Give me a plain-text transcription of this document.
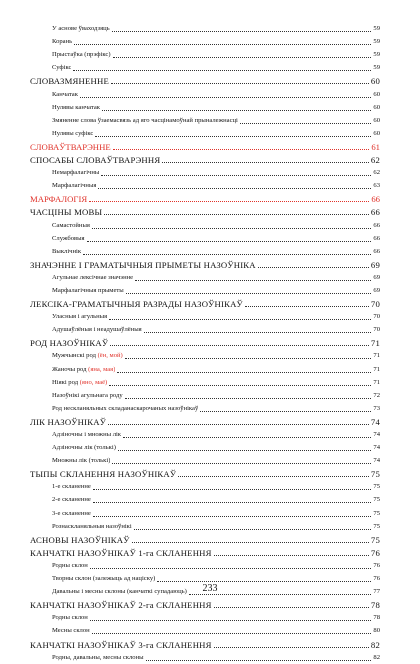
У аснове ўваходзяць	59
Корань	59
Прыстаўка (прэфікс)	59
Суфікс	59
СЛОВАЗМЯНЕННЕ	60
Канчатак	60
Нулявы канчатак	60
Змяненне слова ўзаемасвязь ад яго часцінамоўнай прыналежнасці	60
Нулявы суфікс	60
СЛОВАЎТВАРЭННЕ	61
СПОСАБЫ СЛОВАЎТВАРЭННЯ	62
Немарфалагічны	62
Марфалагічныя	63
МАРФАЛОГІЯ	66
ЧАСЦІНЫ МОВЫ	66
Самастойныя	66
Службовыя	66
Выклічнік	66
ЗНАЧЭННЕ І ГРАМАТЫЧНЫЯ ПРЫМЕТЫ НАЗОЎНІКА	69
Агульнае лексічнае значэнне	69
Марфалагічныя прыметы	69
ЛЕКСІКА-ГРАМАТЫЧНЫЯ РАЗРАДЫ НАЗОЎНІКАЎ	70
Уласныя і агульныя	70
Адушаўлёныя і неадушаўлёныя	70
РОД НАЗОЎНІКАЎ	71
Мужчынскі род (ён, мой)	71
Жаночы род (яна, мая)	71
Ніякі род (яно, маё)	71
Назоўнікі агульнага роду	72
Род нескланяльных складанаскарочаных назоўнікаў	73
ЛІК НАЗОЎНІКАЎ	74
Адзіночны і множны лік	74
Адзіночны лік (толькі)	74
Множны лік (толькі)	74
ТЫПЫ СКЛАНЕННЯ НАЗОЎНІКАЎ	75
1-е скланенне	75
2-е скланенне	75
3-е скланенне	75
Рознаскланяльныя назоўнікі	75
АСНОВЫ НАЗОЎНІКАЎ	75
КАНЧАТКІ НАЗОЎНІКАЎ 1-га СКЛАНЕННЯ	76
Родны склон	76
Творны склон (залежыць ад націску)	76
Давальны і месны склоны (канчаткі супадаюць)	77
КАНЧАТКІ НАЗОЎНІКАЎ 2-га СКЛАНЕННЯ	78
Родны склон	78
Месны склон	80
КАНЧАТКІ НАЗОЎНІКАЎ 3-га СКЛАНЕННЯ	82
Родны, давальны, месны склоны	82
233
